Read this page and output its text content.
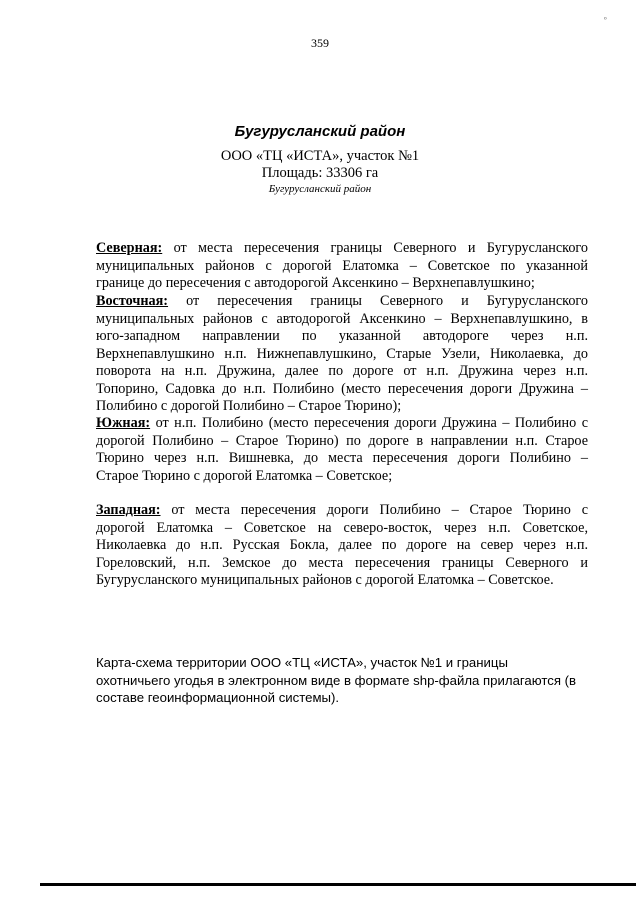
359
ᵒ
Бугурусланский район
ООО «ТЦ «ИСТА», участок №1
Площадь: 33306 га
Бугурусланский район
Северная: от места пересечения границы Северного и Бугурусланского
муниципальных районов с дорогой Елатомка – Советское по указанной
границе до пересечения с автодорогой Аксенкино – Верхнепавлушкино;
Восточная: от пересечения границы Северного и Бугурусланского
муниципальных районов с автодорогой Аксенкино – Верхнепавлушкино, в
юго-западном направлении по указанной автодороге через н.п.
Верхнепавлушкино н.п. Нижнепавлушкино, Старые Узели, Николаевка, до
поворота на н.п. Дружина, далее по дороге от н.п. Дружина через н.п.
Топорино, Садовка до н.п. Полибино (место пересечения дороги Дружина –
Полибино с дорогой Полибино – Старое Тюрино);
Южная: от н.п. Полибино (место пересечения дороги Дружина – Полибино с
дорогой Полибино – Старое Тюрино) по дороге в направлении н.п. Старое
Тюрино через н.п. Вишневка, до места пересечения дороги Полибино –
Старое Тюрино с дорогой Елатомка – Советское;
Западная: от места пересечения дороги Полибино – Старое Тюрино с
дорогой Елатомка – Советское на северо-восток, через н.п. Советское,
Николаевка до н.п. Русская Бокла, далее по дороге на север через н.п.
Гореловский, н.п. Земское до места пересечения границы Северного и
Бугурусланского муниципальных районов с дорогой Елатомка – Советское.
Карта-схема территории ООО «ТЦ «ИСТА», участок №1 и границы
охотничьего угодья в электронном виде в формате shp-файла прилагаются (в
составе геоинформационной системы).
